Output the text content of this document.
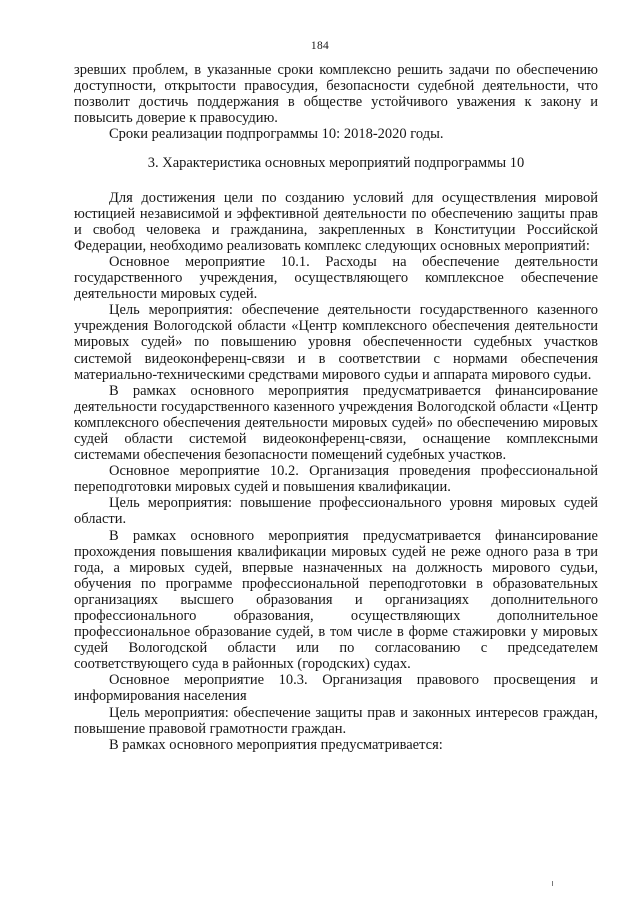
184

зревших проблем, в указанные сроки комплексно решить задачи по обеспечению доступности, открытости правосудия, безопасности судебной деятельности, что позволит достичь поддержания в обществе устойчивого уважения к закону и повысить доверие к правосудию.

Сроки реализации подпрограммы 10: 2018-2020 годы.

3. Характеристика основных мероприятий подпрограммы 10

Для достижения цели по созданию условий для осуществления мировой юстицией независимой и эффективной деятельности по обеспечению защиты прав и свобод человека и гражданина, закрепленных в Конституции Российской Федерации, необходимо реализовать комплекс следующих основных мероприятий:

Основное мероприятие 10.1. Расходы на обеспечение деятельности государственного учреждения, осуществляющего комплексное обеспечение деятельности мировых судей.

Цель мероприятия: обеспечение деятельности государственного казенного учреждения Вологодской области «Центр комплексного обеспечения деятельности мировых судей» по повышению уровня обеспеченности судебных участков системой видеоконференц-связи и в соответствии с нормами обеспечения материально-техническими средствами мирового судьи и аппарата мирового судьи.

В рамках основного мероприятия предусматривается финансирование деятельности государственного казенного учреждения Вологодской области «Центр комплексного обеспечения деятельности мировых судей» по обеспечению мировых судей области системой видеоконференц-связи, оснащение комплексными системами обеспечения безопасности помещений судебных участков.

Основное мероприятие 10.2. Организация проведения профессиональной переподготовки мировых судей и повышения квалификации.

Цель мероприятия: повышение профессионального уровня мировых судей области.

В рамках основного мероприятия предусматривается финансирование прохождения повышения квалификации мировых судей не реже одного раза в три года, а мировых судей, впервые назначенных на должность мирового судьи, обучения по программе профессиональной переподготовки в образовательных организациях высшего образования и организациях дополнительного профессионального образования, осуществляющих дополнительное профессиональное образование судей, в том числе в форме стажировки у мировых судей Вологодской области или по согласованию с председателем соответствующего суда в районных (городских) судах.

Основное мероприятие 10.3. Организация правового просвещения и информирования населения

Цель мероприятия: обеспечение защиты прав и законных интересов граждан, повышение правовой грамотности граждан.

В рамках основного мероприятия предусматривается:
